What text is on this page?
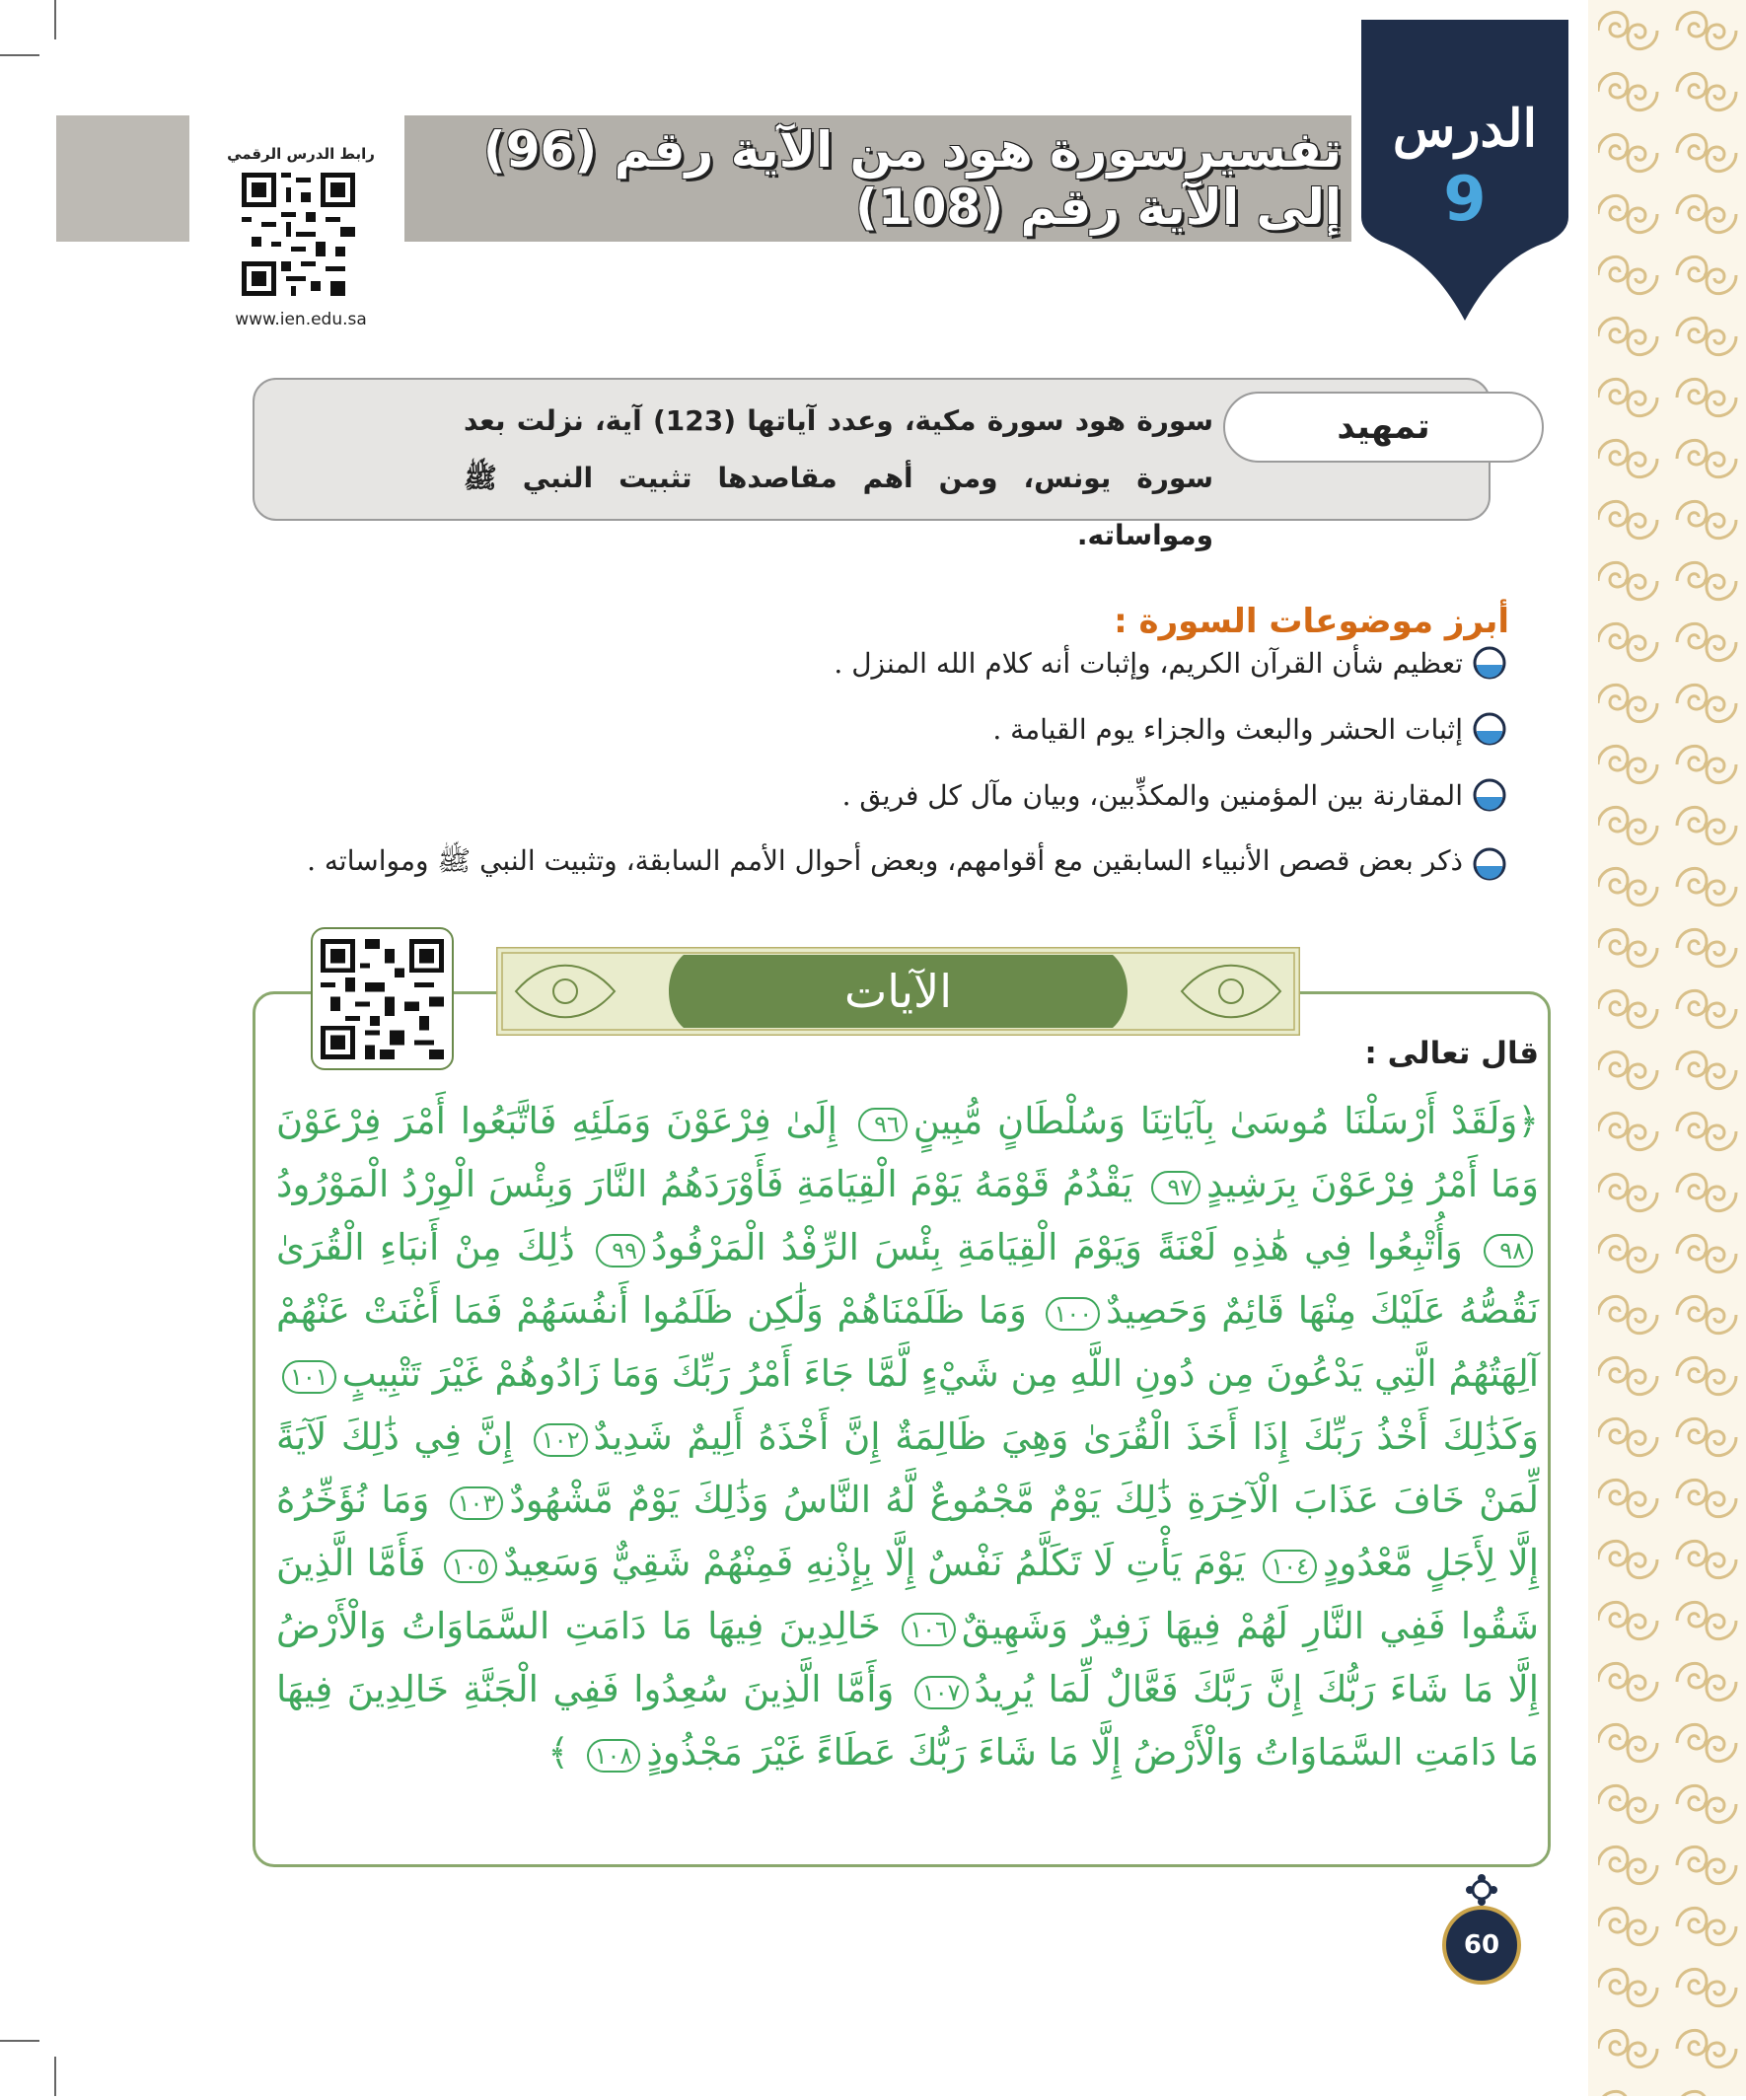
تفسيرسورة هود من الآية رقم (96) إلى الآية رقم (108)
الدرس
9
رابط الدرس الرقمي
www.ien.edu.sa
تمهيد
سورة هود سورة مكية، وعدد آياتها (123) آية، نزلت بعد سورة يونس، ومن أهم مقاصدها تثبيت النبي ﷺ ومواساته.
أبرز موضوعات السورة :
تعظيم شأن القرآن الكريم، وإثبات أنه كلام الله المنزل .
إثبات الحشر والبعث والجزاء يوم القيامة .
المقارنة بين المؤمنين والمكذِّبين، وبيان مآل كل فريق .
ذكر بعض قصص الأنبياء السابقين مع أقوامهم، وبعض أحوال الأمم السابقة، وتثبيت النبي ﷺ ومواساته .
الآيات
قال تعالى :
﴿وَلَقَدْ أَرْسَلْنَا مُوسَىٰ بِآيَاتِنَا وَسُلْطَانٍ مُّبِينٍ٩٦ إِلَىٰ فِرْعَوْنَ وَمَلَئِهِ فَاتَّبَعُوا أَمْرَ فِرْعَوْنَ وَمَا أَمْرُ فِرْعَوْنَ بِرَشِيدٍ٩٧ يَقْدُمُ قَوْمَهُ يَوْمَ الْقِيَامَةِ فَأَوْرَدَهُمُ النَّارَ وَبِئْسَ الْوِرْدُ الْمَوْرُودُ٩٨ وَأُتْبِعُوا فِي هَٰذِهِ لَعْنَةً وَيَوْمَ الْقِيَامَةِ بِئْسَ الرِّفْدُ الْمَرْفُودُ٩٩ ذَٰلِكَ مِنْ أَنبَاءِ الْقُرَىٰ نَقُصُّهُ عَلَيْكَ مِنْهَا قَائِمٌ وَحَصِيدٌ١٠٠ وَمَا ظَلَمْنَاهُمْ وَلَٰكِن ظَلَمُوا أَنفُسَهُمْ فَمَا أَغْنَتْ عَنْهُمْ آلِهَتُهُمُ الَّتِي يَدْعُونَ مِن دُونِ اللَّهِ مِن شَيْءٍ لَّمَّا جَاءَ أَمْرُ رَبِّكَ وَمَا زَادُوهُمْ غَيْرَ تَتْبِيبٍ١٠١ وَكَذَٰلِكَ أَخْذُ رَبِّكَ إِذَا أَخَذَ الْقُرَىٰ وَهِيَ ظَالِمَةٌ إِنَّ أَخْذَهُ أَلِيمٌ شَدِيدٌ١٠٢ إِنَّ فِي ذَٰلِكَ لَآيَةً لِّمَنْ خَافَ عَذَابَ الْآخِرَةِ ذَٰلِكَ يَوْمٌ مَّجْمُوعٌ لَّهُ النَّاسُ وَذَٰلِكَ يَوْمٌ مَّشْهُودٌ١٠٣ وَمَا نُؤَخِّرُهُ إِلَّا لِأَجَلٍ مَّعْدُودٍ١٠٤ يَوْمَ يَأْتِ لَا تَكَلَّمُ نَفْسٌ إِلَّا بِإِذْنِهِ فَمِنْهُمْ شَقِيٌّ وَسَعِيدٌ١٠٥ فَأَمَّا الَّذِينَ شَقُوا فَفِي النَّارِ لَهُمْ فِيهَا زَفِيرٌ وَشَهِيقٌ١٠٦ خَالِدِينَ فِيهَا مَا دَامَتِ السَّمَاوَاتُ وَالْأَرْضُ إِلَّا مَا شَاءَ رَبُّكَ إِنَّ رَبَّكَ فَعَّالٌ لِّمَا يُرِيدُ١٠٧ وَأَمَّا الَّذِينَ سُعِدُوا فَفِي الْجَنَّةِ خَالِدِينَ فِيهَا مَا دَامَتِ السَّمَاوَاتُ وَالْأَرْضُ إِلَّا مَا شَاءَ رَبُّكَ عَطَاءً غَيْرَ مَجْذُوذٍ١٠٨ ﴾
60
